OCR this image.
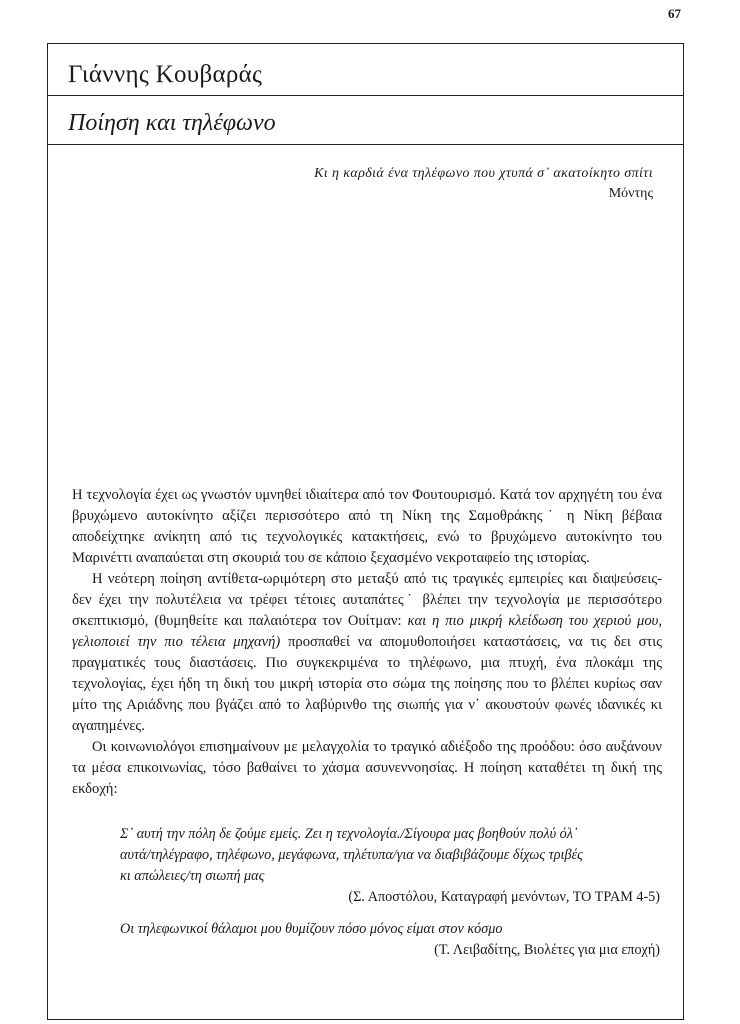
67
Γιάννης Κουβαράς
Ποίηση και τηλέφωνο
Κι η καρδιά ένα τηλέφωνο που χτυπά σ᾽ ακατοίκητο σπίτι
Μόντης

Η τεχνολογία έχει ως γνωστόν υμνηθεί ιδιαίτερα από τον Φουτουρισμό. Κατά τον αρχηγέτη του ένα βρυχώμενο αυτοκίνητο αξίζει περισσότερο από τη Νίκη της Σαμοθράκης˙ η Νίκη βέβαια αποδείχτηκε ανίκητη από τις τεχνολογικές κατακτήσεις, ενώ το βρυχώμενο αυτοκίνητο του Μαρινέττι αναπαύεται στη σκουριά του σε κάποιο ξεχασμένο νεκροταφείο της ιστορίας.

Η νεότερη ποίηση αντίθετα-ωριμότερη στο μεταξύ από τις τραγικές εμπειρίες και διαψεύσεις-δεν έχει την πολυτέλεια να τρέφει τέτοιες αυταπάτες˙ βλέπει την τεχνολογία με περισσότερο σκεπτικισμό, (θυμηθείτε και παλαιότερα τον Ουίτμαν: και η πιο μικρή κλείδωση του χεριού μου, γελιοποιεί την πιο τέλεια μηχανή) προσπαθεί να απομυθοποιήσει καταστάσεις, να τις δει στις πραγματικές τους διαστάσεις. Πιο συγκεκριμένα το τηλέφωνο, μια πτυχή, ένα πλοκάμι της τεχνολογίας, έχει ήδη τη δική του μικρή ιστορία στο σώμα της ποίησης που το βλέπει κυρίως σαν μίτο της Αριάδνης που βγάζει από το λαβύρινθο της σιωπής για ν᾽ ακουστούν φωνές ιδανικές κι αγαπημένες.

Οι κοινωνιολόγοι επισημαίνουν με μελαγχολία το τραγικό αδιέξοδο της προόδου: όσο αυξάνουν τα μέσα επικοινωνίας, τόσο βαθαίνει το χάσμα ασυνεννοησίας. Η ποίηση καταθέτει τη δική της εκδοχή:

Σ᾽ αυτή την πόλη δε ζούμε εμείς. Ζει η τεχνολογία./Σίγουρα μας βοηθούν πολύ όλ᾽
αυτά/τηλέγραφο, τηλέφωνο, μεγάφωνα, τηλέτυπα/για να διαβιβάζουμε δίχως τριβές
κι απώλειες/τη σιωπή μας
(Σ. Αποστόλου, Καταγραφή μενόντων, ΤΟ ΤΡΑΜ 4-5)
Οι τηλεφωνικοί θάλαμοι μου θυμίζουν πόσο μόνος είμαι στον κόσμο
(Τ. Λειβαδίτης, Βιολέτες για μια εποχή)
